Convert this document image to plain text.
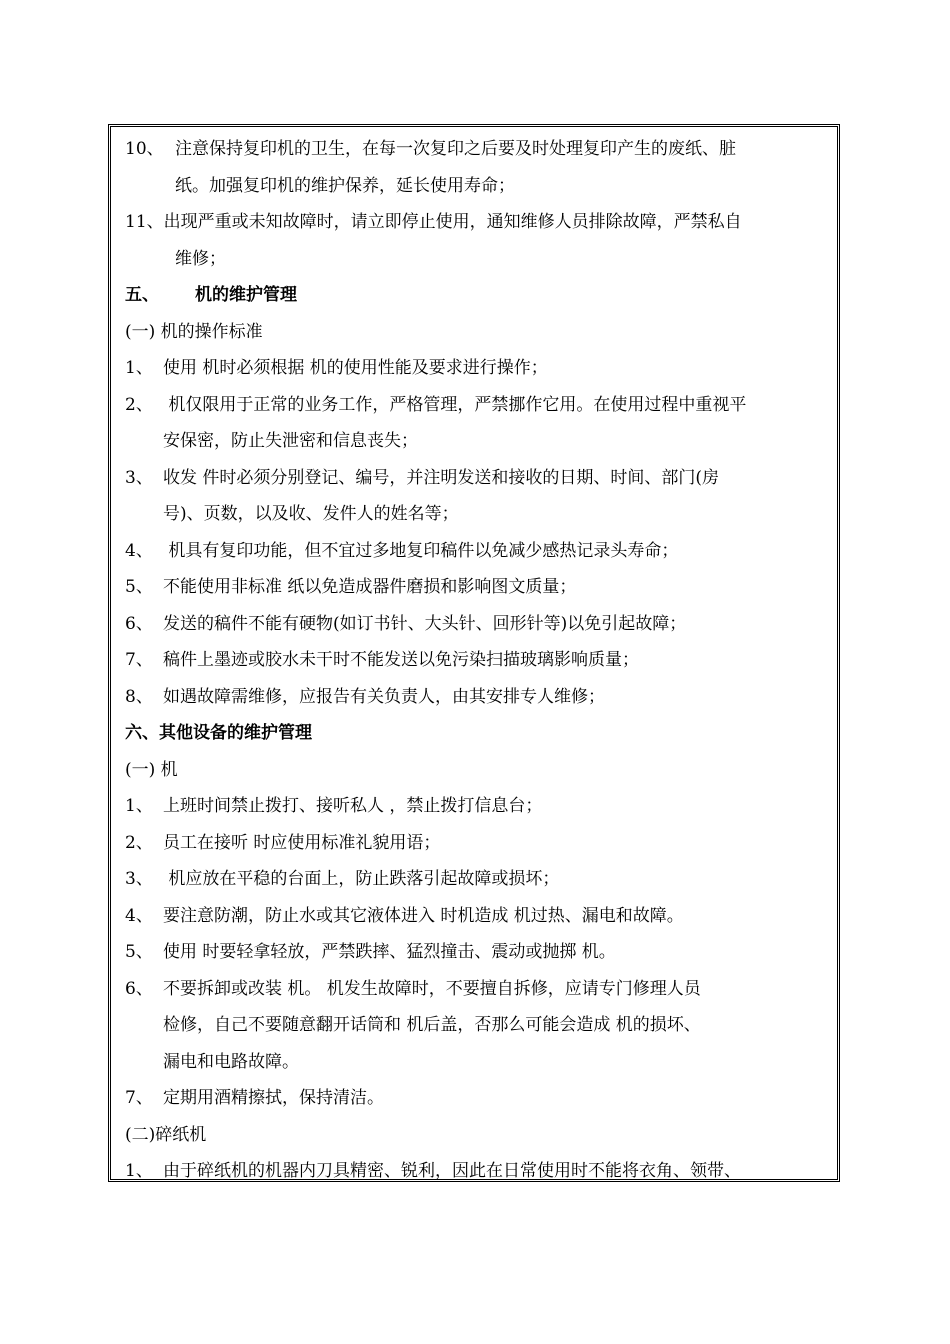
10、 注意保持复印机的卫生，在每一次复印之后要及时处理复印产生的废纸、脏
纸。加强复印机的维护保养，延长使用寿命；
11、出现严重或未知故障时，请立即停止使用，通知维修人员排除故障，严禁私自
维修；
五、 机的维护管理
(一) 机的操作标准
1、 使用 机时必须根据 机的使用性能及要求进行操作；
2、 机仅限用于正常的业务工作，严格管理，严禁挪作它用。在使用过程中重视平
安保密，防止失泄密和信息丧失；
3、 收发 件时必须分别登记、编号，并注明发送和接收的日期、时间、部门(房
号)、页数，以及收、发件人的姓名等；
4、 机具有复印功能，但不宜过多地复印稿件以免减少感热记录头寿命；
5、 不能使用非标准 纸以免造成器件磨损和影响图文质量；
6、 发送的稿件不能有硬物(如订书针、大头针、回形针等)以免引起故障；
7、 稿件上墨迹或胶水未干时不能发送以免污染扫描玻璃影响质量；
8、 如遇故障需维修，应报告有关负责人，由其安排专人维修；
六、其他设备的维护管理
(一) 机
1、 上班时间禁止拨打、接听私人 ，禁止拨打信息台；
2、 员工在接听 时应使用标准礼貌用语；
3、 机应放在平稳的台面上，防止跌落引起故障或损坏；
4、 要注意防潮，防止水或其它液体进入 时机造成 机过热、漏电和故障。
5、 使用 时要轻拿轻放，严禁跌摔、猛烈撞击、震动或抛掷 机。
6、 不要拆卸或改装 机。 机发生故障时，不要擅自拆修，应请专门修理人员
检修，自己不要随意翻开话筒和 机后盖，否那么可能会造成 机的损坏、
漏电和电路故障。
7、 定期用酒精擦拭，保持清洁。
(二)碎纸机
1、 由于碎纸机的机器内刀具精密、锐利，因此在日常使用时不能将衣角、领带、
